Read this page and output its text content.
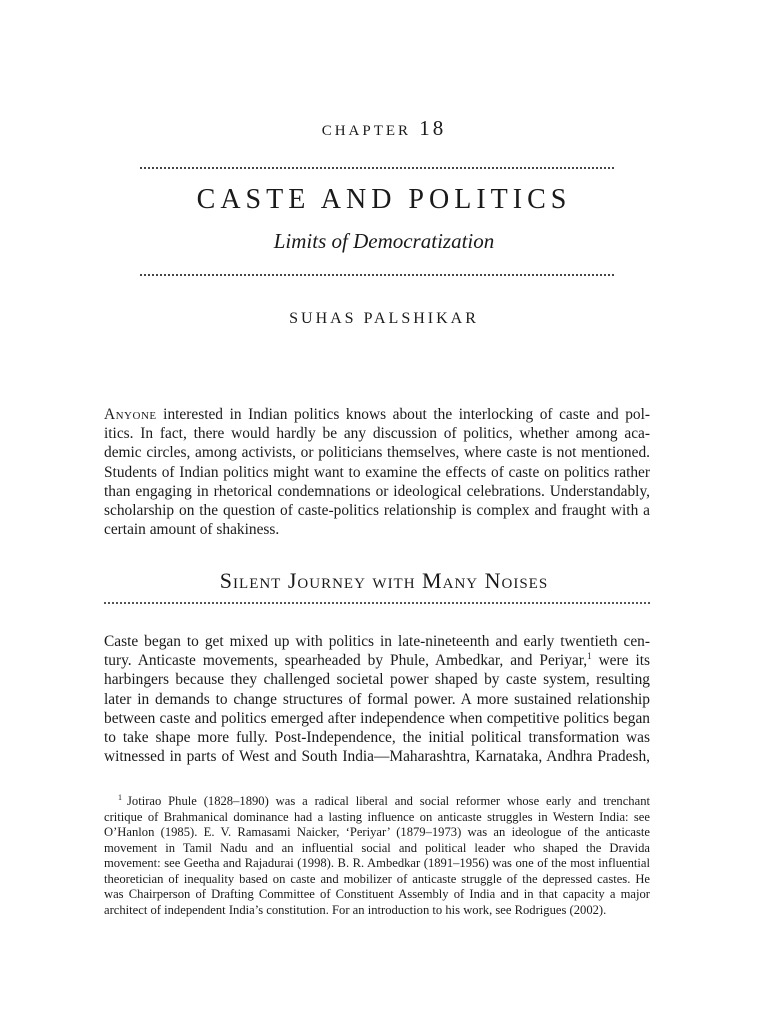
chapter 18
CASTE AND POLITICS
Limits of Democratization
SUHAS PALSHIKAR

Anyone interested in Indian politics knows about the interlocking of caste and pol-
itics. In fact, there would hardly be any discussion of politics, whether among aca-
demic circles, among activists, or politicians themselves, where caste is not mentioned.
Students of Indian politics might want to examine the effects of caste on politics rather
than engaging in rhetorical condemnations or ideological celebrations. Understandably,
scholarship on the question of caste-politics relationship is complex and fraught with a
certain amount of shakiness.

Silent Journey with Many Noises

Caste began to get mixed up with politics in late-nineteenth and early twentieth cen-
tury. Anticaste movements, spearheaded by Phule, Ambedkar, and Periyar,$^1$ were its
harbingers because they challenged societal power shaped by caste system, resulting
later in demands to change structures of formal power. A more sustained relationship
between caste and politics emerged after independence when competitive politics began
to take shape more fully. Post-Independence, the initial political transformation was
witnessed in parts of West and South India—Maharashtra, Karnataka, Andhra Pradesh,

$^1$ Jotirao Phule (1828–1890) was a radical liberal and social reformer whose early and trenchant
critique of Brahmanical dominance had a lasting influence on anticaste struggles in Western India: see
O’Hanlon (1985). E. V. Ramasami Naicker, ‘Periyar’ (1879–1973) was an ideologue of the anticaste
movement in Tamil Nadu and an influential social and political leader who shaped the Dravida
movement: see Geetha and Rajadurai (1998). B. R. Ambedkar (1891–1956) was one of the most influential
theoretician of inequality based on caste and mobilizer of anticaste struggle of the depressed castes. He
was Chairperson of Drafting Committee of Constituent Assembly of India and in that capacity a major
architect of independent India’s constitution. For an introduction to his work, see Rodrigues (2002).
